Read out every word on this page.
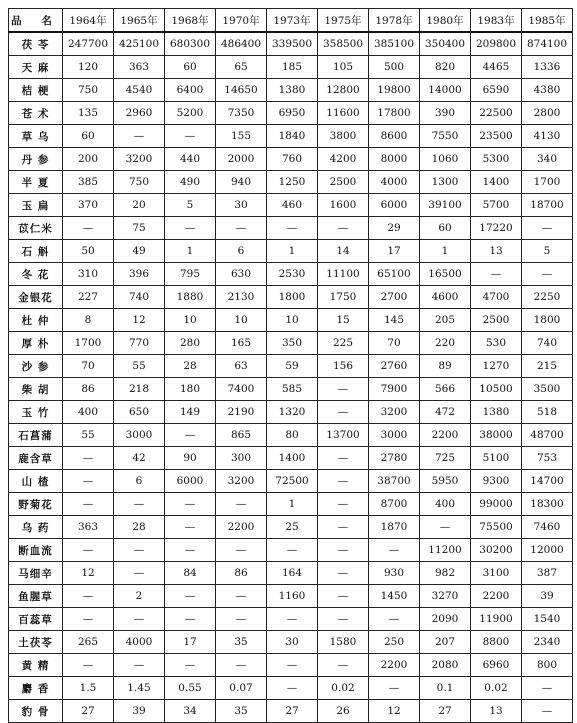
品 名	1964年	1965年	1968年	1970年	1973年	1975年	1978年	1980年	1983年	1985年
茯 苓	247700	425100	680300	486400	339500	358500	385100	350400	209800	874100
天 麻	120	363	60	65	185	105	500	820	4465	1336
桔 梗	750	4540	6400	14650	1380	12800	19800	14000	6590	4380
苍 术	135	2960	5200	7350	6950	11600	17800	390	22500	2800
草 乌	60	—	—	155	1840	3800	8600	7550	23500	4130
丹 参	200	3200	440	2000	760	4200	8000	1060	5300	340
半 夏	385	750	490	940	1250	2500	4000	1300	1400	1700
玉 扁	370	20	5	30	460	1600	6000	39100	5700	18700
苡仁米	—	75	—	—	—	—	29	60	17220	—
石 斛	50	49	1	6	1	14	17	1	13	5
冬 花	310	396	795	630	2530	11100	65100	16500	—	—
金银花	227	740	1880	2130	1800	1750	2700	4600	4700	2250
杜 仲	8	12	10	10	10	15	145	205	2500	1800
厚 朴	1700	770	280	165	350	225	70	220	530	740
沙 参	70	55	28	63	59	156	2760	89	1270	215
柴 胡	86	218	180	7400	585	—	7900	566	10500	3500
玉 竹	400	650	149	2190	1320	—	3200	472	1380	518
石菖蒲	55	3000	—	865	80	13700	3000	2200	38000	48700
鹿含草	—	42	90	300	1400	—	2780	725	5100	753
山 楂	—	6	6000	3200	72500	—	38700	5950	9300	14700
野菊花	—	—	—	—	1	—	8700	400	99000	18300
乌 药	363	28	—	2200	25	—	1870	—	75500	7460
断血流	—	—	—	—	—	—	—	11200	30200	12000
马细辛	12	—	84	86	164	—	930	982	3100	387
鱼腥草	—	2	—	—	1160	—	1450	3270	2200	39
百蕊草	—	—	—	—	—	—	—	2090	11900	1540
土茯苓	265	4000	17	35	30	1580	250	207	8800	2340
黄 精	—	—	—	—	—	—	2200	2080	6960	800
麝 香	1.5	1.45	0.55	0.07	—	0.02	—	0.1	0.02	—
豹 骨	27	39	34	35	27	26	12	27	13	—
